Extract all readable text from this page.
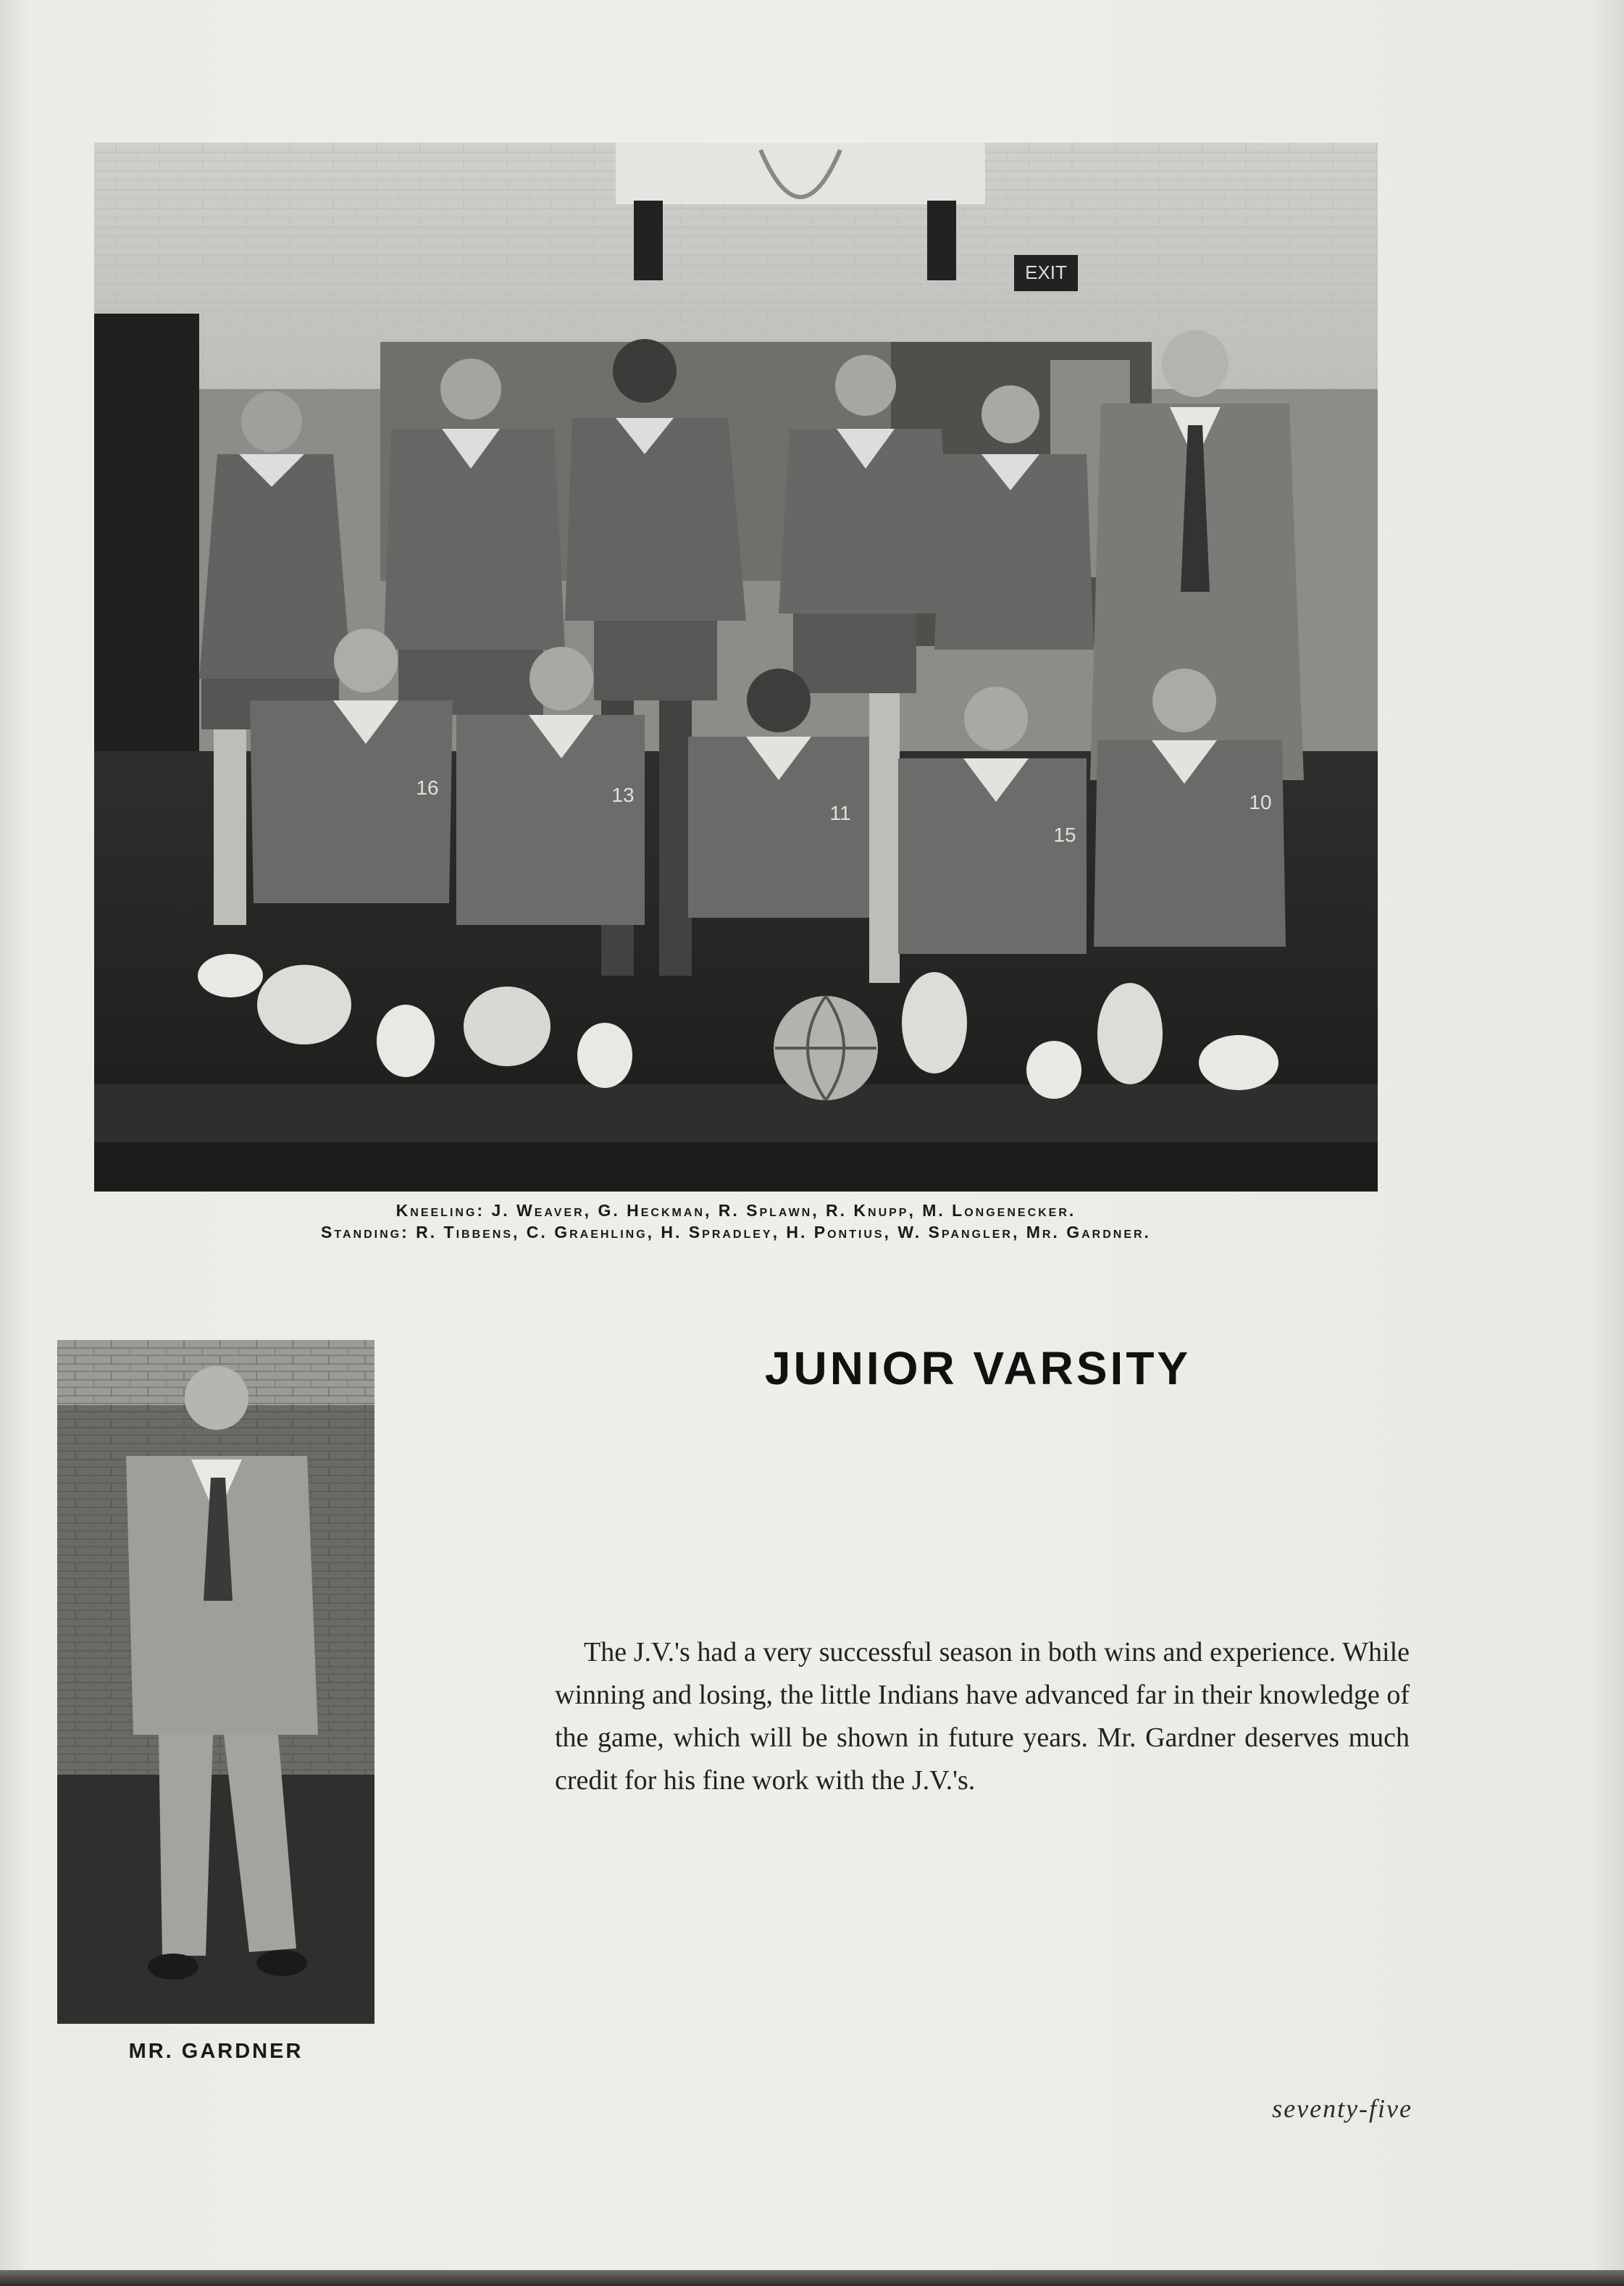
EXIT
16	13
11
15
10
Kneeling: J. Weaver, G. Heckman, R. Splawn, R. Knupp, M. Longenecker.
Standing: R. Tibbens, C. Graehling, H. Spradley, H. Pontius, W. Spangler, Mr. Gardner.
MR. GARDNER
JUNIOR VARSITY
The J.V.'s had a very successful season in both wins and experience. While winning and losing, the little Indians have advanced far in their knowledge of the game, which will be shown in future years. Mr. Gardner deserves much credit for his fine work with the J.V.'s.
seventy-five
